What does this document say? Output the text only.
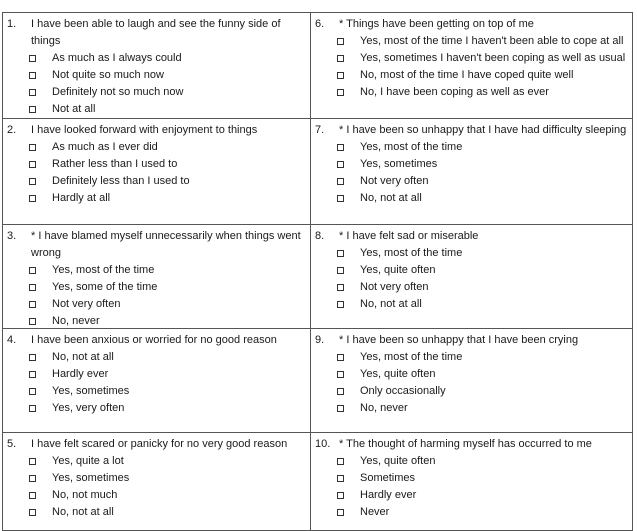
1.	I have been able to laugh and see the funny side of things
As much as I always could
Not quite so much now
Definitely not so much now
Not at all
6.	* Things have been getting on top of me
Yes, most of the time I haven't been able to cope at all
Yes, sometimes I haven't been coping as well as usual
No, most of the time I have coped quite well
No, I have been coping as well as ever
2.	I have looked forward with enjoyment to things
As much as I ever did
Rather less than I used to
Definitely less than I used to
Hardly at all
7.	* I have been so unhappy that I have had difficulty sleeping
Yes, most of the time
Yes, sometimes
Not very often
No, not at all
3.	* I have blamed myself unnecessarily when things went wrong
Yes, most of the time
Yes, some of the time
Not very often
No, never
8.	* I have felt sad or miserable
Yes, most of the time
Yes, quite often
Not very often
No, not at all
4.	I have been anxious or worried for no good reason
No, not at all
Hardly ever
Yes, sometimes
Yes, very often
9.	* I have been so unhappy that I have been crying
Yes, most of the time
Yes, quite often
Only occasionally
No, never
5.	I have felt scared or panicky for no very good reason
Yes, quite a lot
Yes, sometimes
No, not much
No, not at all
10. * The thought of harming myself has occurred to me
Yes, quite often
Sometimes
Hardly ever
Never
